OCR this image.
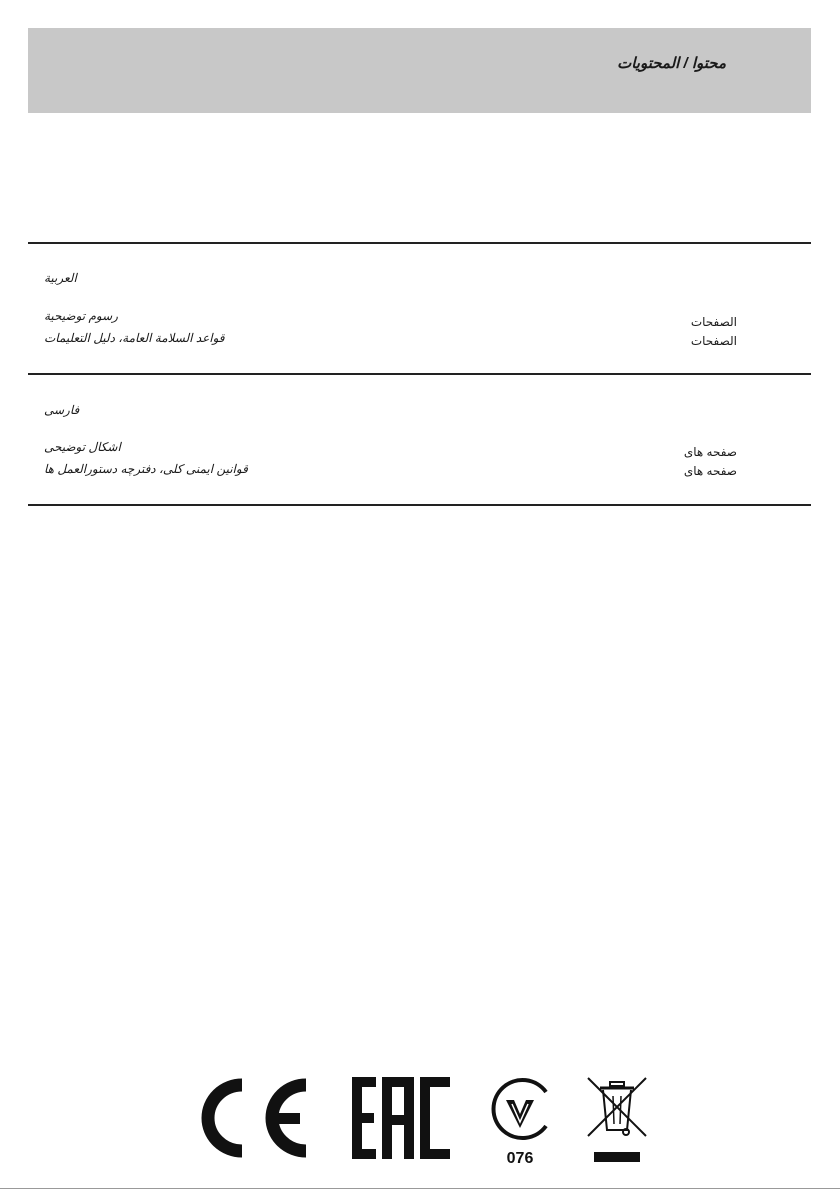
محتوا / المحتويات
العربية
رسوم توضيحية	الصفحات
قواعد السلامة العامة، دليل التعليمات	الصفحات
فارسی
اشکال توضیحی	صفحه های
قوانین ایمنی کلی، دفترچه دستورالعمل ها	صفحه های
076
